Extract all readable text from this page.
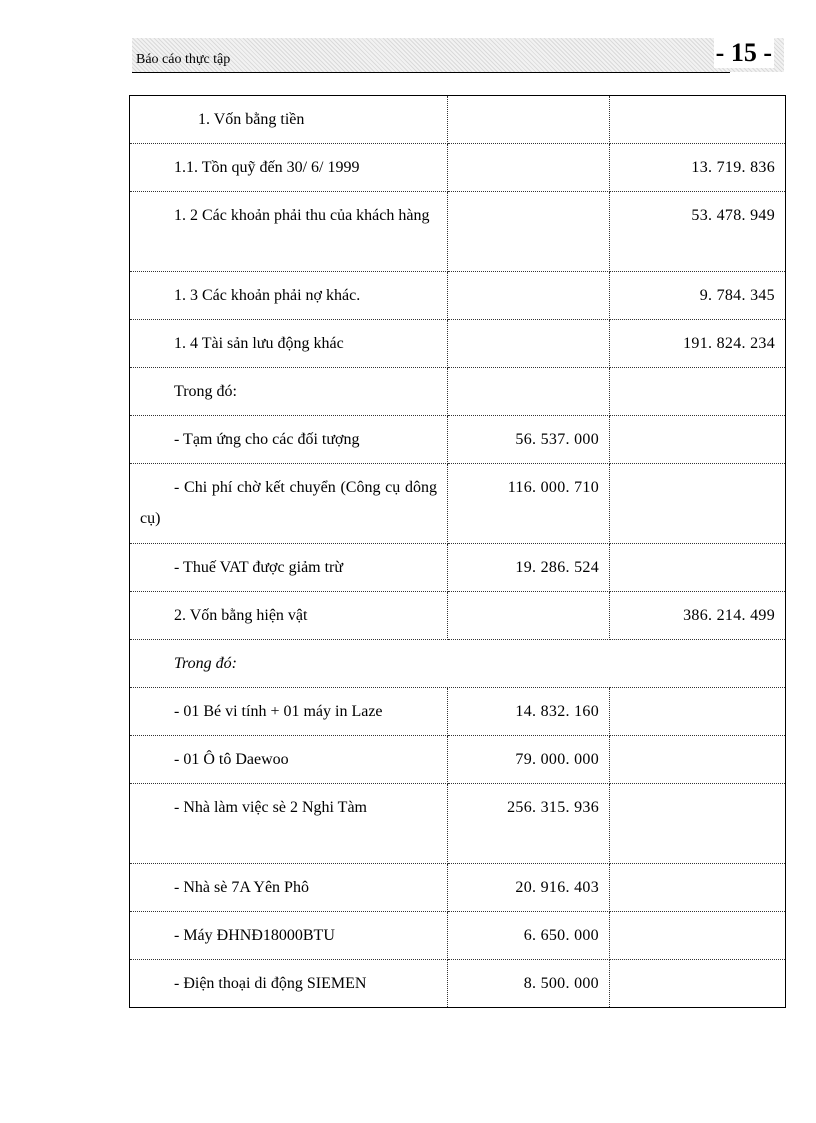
Báo cáo thực tập	- 15 -
1. Vốn bằng tiền		
1.1. Tồn quỹ đến 30/ 6/ 1999		13. 719. 836
1. 2 Các khoản phải thu của khách hàng		53. 478. 949
1. 3 Các khoản phải nợ khác.		9. 784. 345
1. 4 Tài sản lưu động khác		191. 824. 234
Trong đó:		
- Tạm ứng cho các đối tượng	56. 537. 000	
- Chi phí chờ kết chuyển (Công cụ dông cụ)	116. 000. 710	
- Thuế VAT được giảm trừ	19. 286. 524	
2. Vốn bằng hiện vật		386. 214. 499
Trong đó:		
- 01 Bé vi tính + 01 máy in Laze	14. 832. 160	
- 01 Ô tô Daewoo	79. 000. 000	
- Nhà làm việc sè 2 Nghi Tàm	256. 315. 936	
- Nhà sè 7A Yên Phô	20. 916. 403	
- Máy ĐHNĐ18000BTU	6. 650. 000	
- Điện thoại di động SIEMEN	8. 500. 000	
